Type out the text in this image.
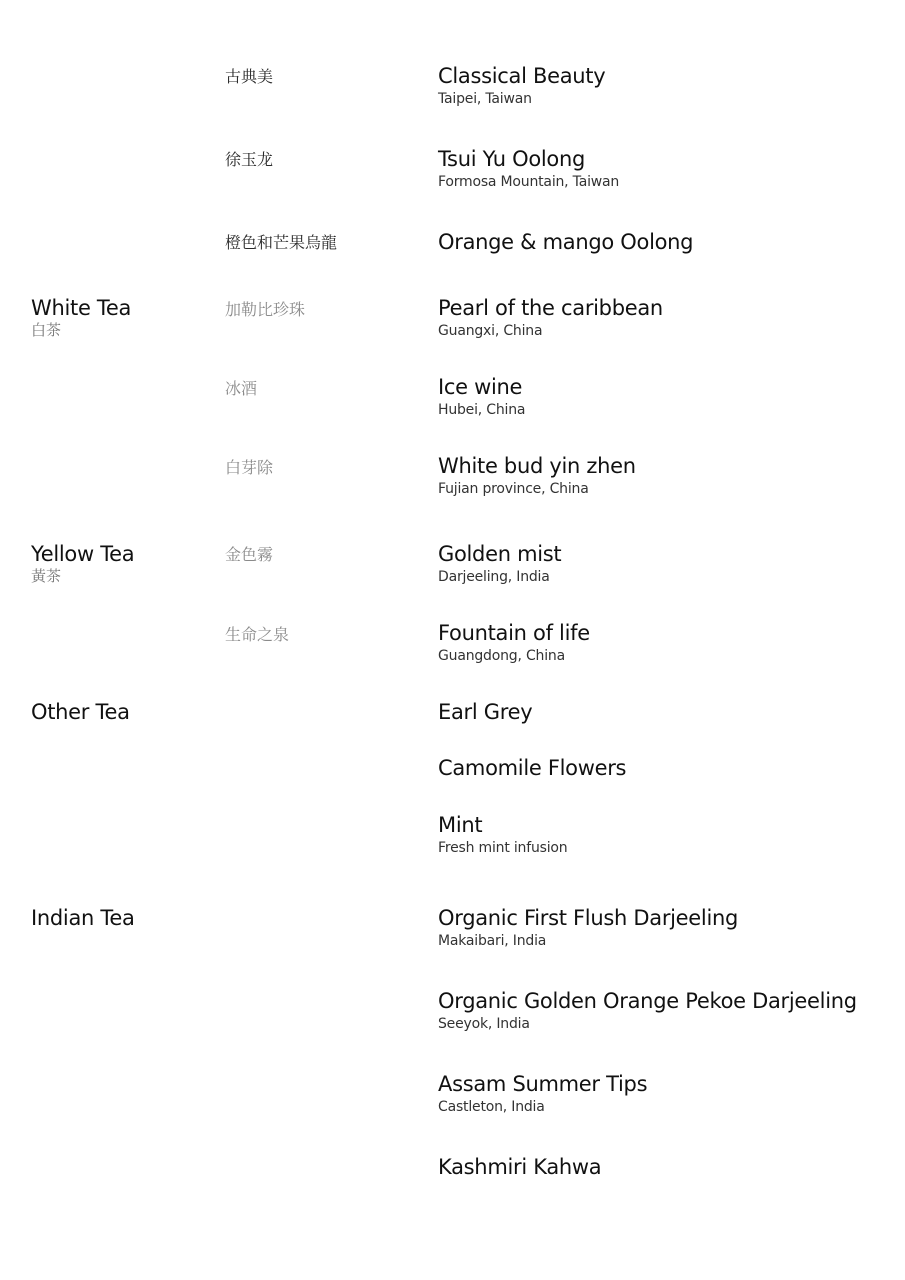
White Tea
白茶
Yellow Tea
黃茶
Other Tea
Indian Tea
古典美
徐玉龙
橙色和芒果烏龍
加勒比珍珠
冰酒
白芽除
金色霧
生命之泉
Classical Beauty
Taipei, Taiwan
Tsui Yu Oolong
Formosa Mountain, Taiwan
Orange & mango Oolong
Pearl of the caribbean
Guangxi, China
Ice wine
Hubei, China
White bud yin zhen
Fujian province, China
Golden mist
Darjeeling, India
Fountain of life
Guangdong, China
Earl Grey
Camomile Flowers
Mint
Fresh mint infusion
Organic First Flush Darjeeling
Makaibari, India
Organic Golden Orange Pekoe Darjeeling
Seeyok, India
Assam Summer Tips
Castleton, India
Kashmiri Kahwa
